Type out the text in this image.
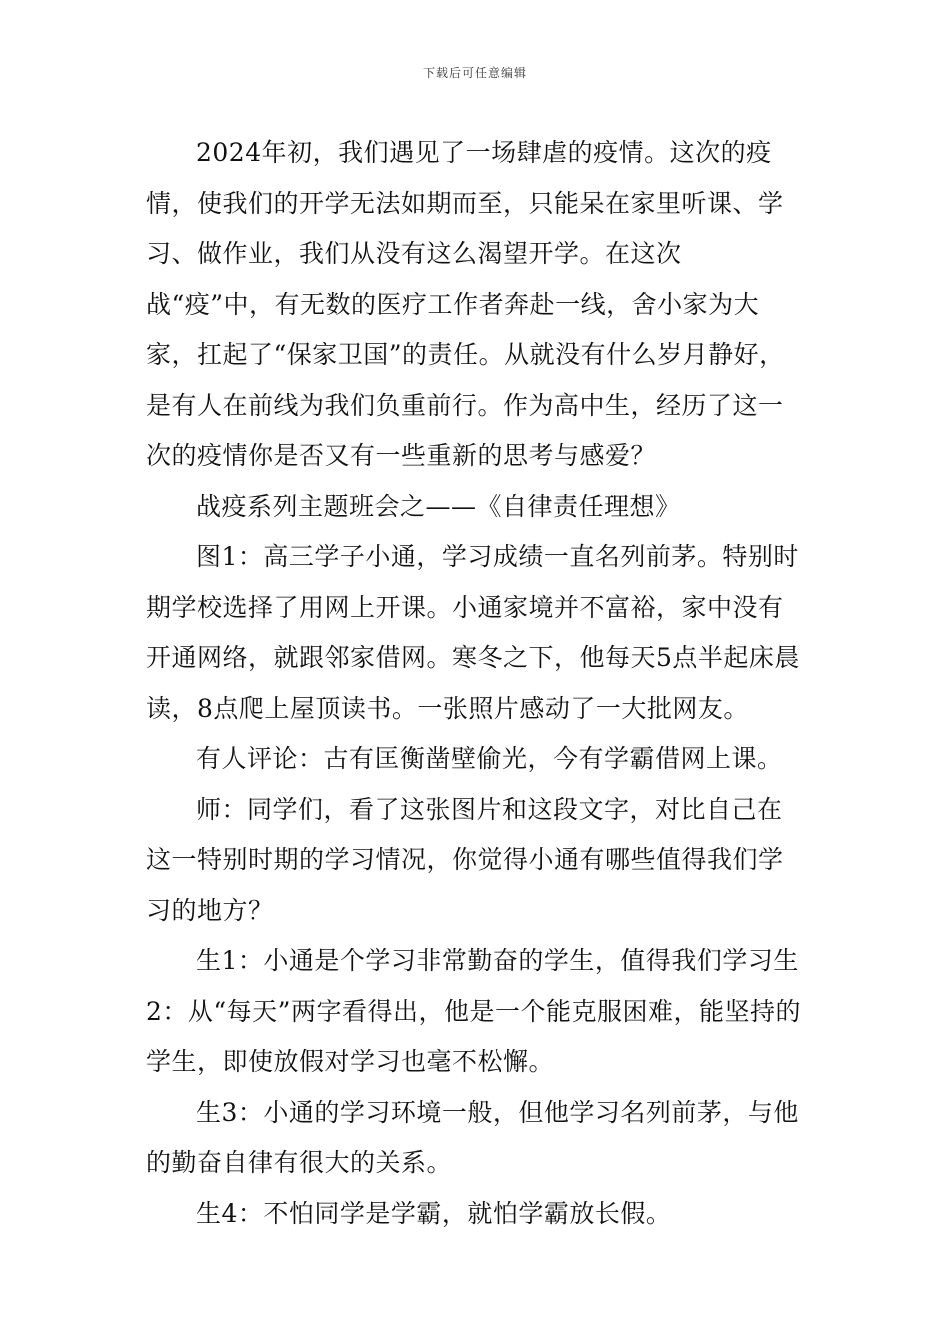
下载后可任意编辑

2024年初，我们遇见了一场肆虐的疫情。这次的疫情，使我们的开学无法如期而至，只能呆在家里听课、学习、做作业，我们从没有这么渴望开学。在这次战“疫”中，有无数的医疗工作者奔赴一线，舍小家为大家，扛起了“保家卫国”的责任。从就没有什么岁月静好，是有人在前线为我们负重前行。作为高中生，经历了这一次的疫情你是否又有一些重新的思考与感爱？

战疫系列主题班会之——《自律责任理想》

图1：高三学子小通，学习成绩一直名列前茅。特别时期学校选择了用网上开课。小通家境并不富裕，家中没有开通网络，就跟邻家借网。寒冬之下，他每天5点半起床晨读，8点爬上屋顶读书。一张照片感动了一大批网友。

有人评论：古有匡衡凿壁偷光，今有学霸借网上课。

师：同学们，看了这张图片和这段文字，对比自己在这一特别时期的学习情况，你觉得小通有哪些值得我们学习的地方？

生1：小通是个学习非常勤奋的学生，值得我们学习生2：从“每天”两字看得出，他是一个能克服困难，能坚持的学生，即使放假对学习也毫不松懈。

生3：小通的学习环境一般，但他学习名列前茅，与他的勤奋自律有很大的关系。

生4：不怕同学是学霸，就怕学霸放长假。
